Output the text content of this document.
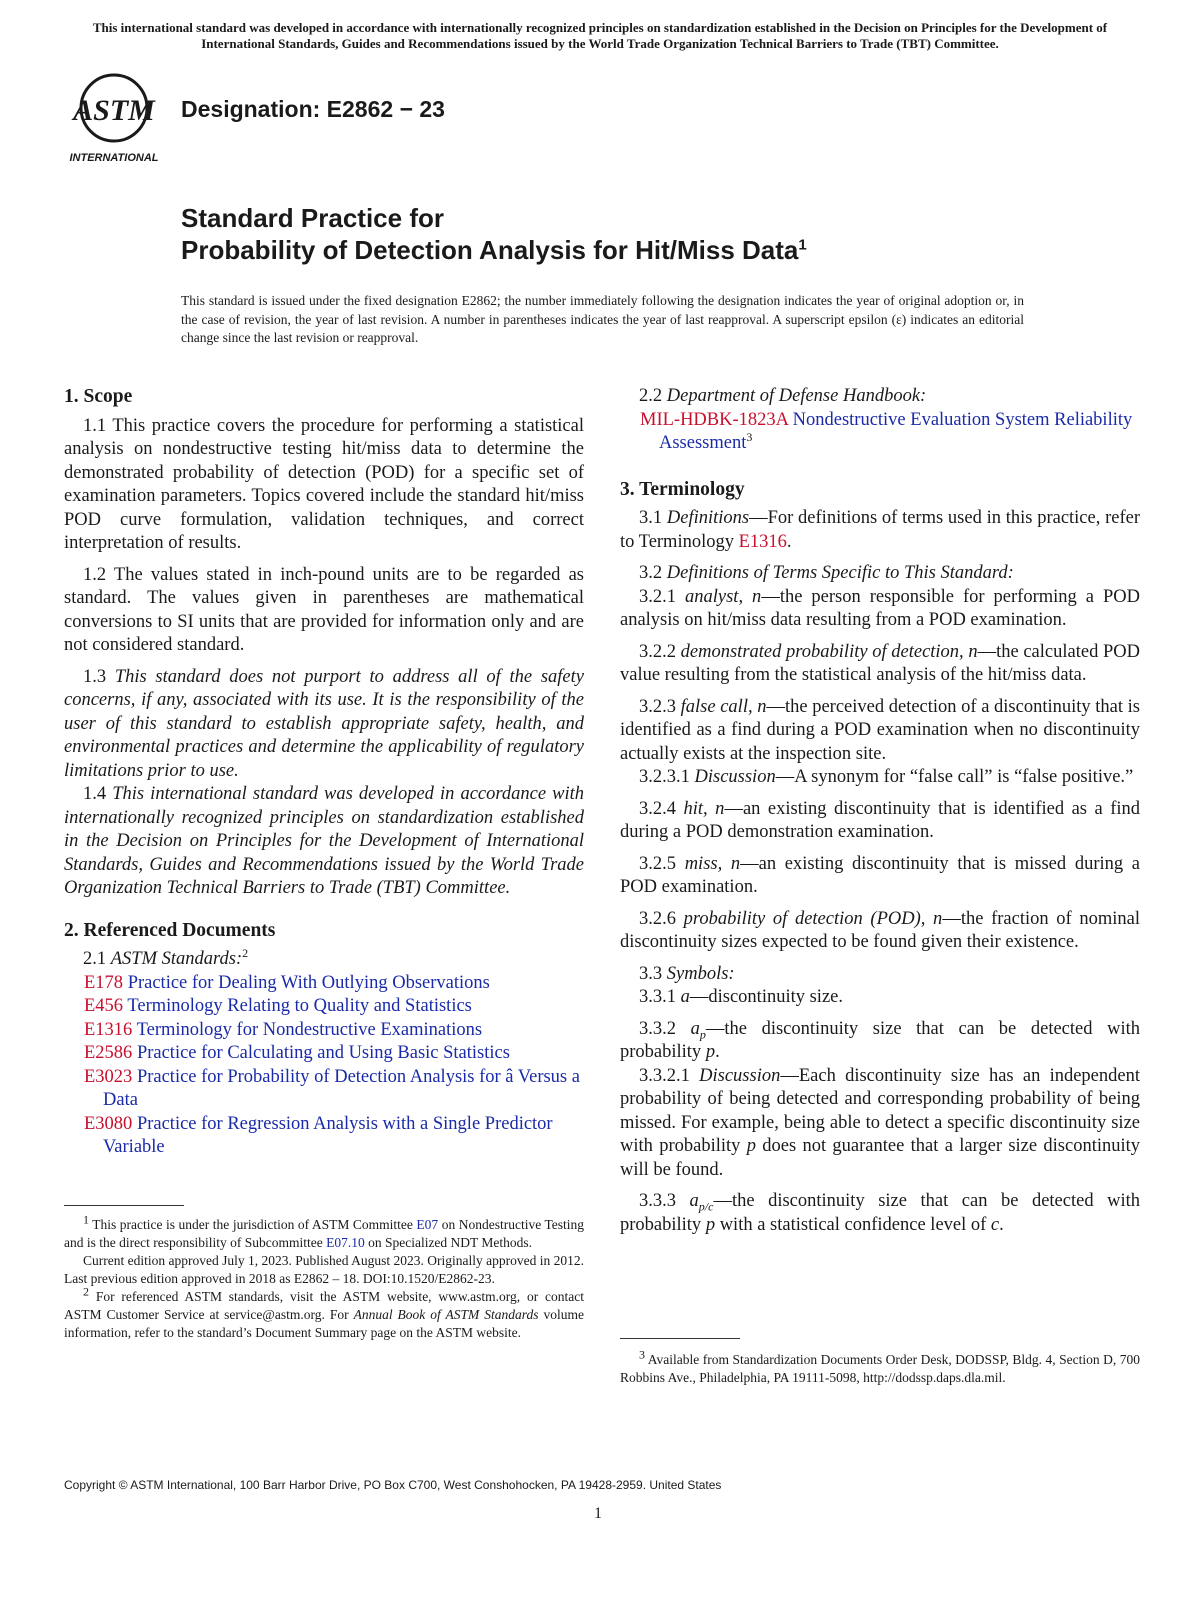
This international standard was developed in accordance with internationally recognized principles on standardization established in the Decision on Principles for the Development of International Standards, Guides and Recommendations issued by the World Trade Organization Technical Barriers to Trade (TBT) Committee.
ASTM
INTERNATIONAL
Designation: E2862 − 23
Standard Practice for
Probability of Detection Analysis for Hit/Miss Data$^1$
This standard is issued under the fixed designation E2862; the number immediately following the designation indicates the year of original adoption or, in the case of revision, the year of last revision. A number in parentheses indicates the year of last reapproval. A superscript epsilon (ε) indicates an editorial change since the last revision or reapproval.
1. Scope

1.1 This practice covers the procedure for performing a statistical analysis on nondestructive testing hit/miss data to determine the demonstrated probability of detection (POD) for a specific set of examination parameters. Topics covered include the standard hit/miss POD curve formulation, validation techniques, and correct interpretation of results.

1.2 The values stated in inch-pound units are to be regarded as standard. The values given in parentheses are mathematical conversions to SI units that are provided for information only and are not considered standard.

1.3 This standard does not purport to address all of the safety concerns, if any, associated with its use. It is the responsibility of the user of this standard to establish appropriate safety, health, and environmental practices and determine the applicability of regulatory limitations prior to use.

1.4 This international standard was developed in accordance with internationally recognized principles on standardization established in the Decision on Principles for the Development of International Standards, Guides and Recommendations issued by the World Trade Organization Technical Barriers to Trade (TBT) Committee.

2. Referenced Documents

2.1 ASTM Standards:$^2$

E178 Practice for Dealing With Outlying Observations
E456 Terminology Relating to Quality and Statistics
E1316 Terminology for Nondestructive Examinations
E2586 Practice for Calculating and Using Basic Statistics
E3023 Practice for Probability of Detection Analysis for â Versus a Data
E3080 Practice for Regression Analysis with a Single Predictor Variable

$^1$ This practice is under the jurisdiction of ASTM Committee E07 on Nondestructive Testing and is the direct responsibility of Subcommittee E07.10 on Specialized NDT Methods.

Current edition approved July 1, 2023. Published August 2023. Originally approved in 2012. Last previous edition approved in 2018 as E2862 – 18. DOI:10.1520/E2862-23.

$^2$ For referenced ASTM standards, visit the ASTM website, www.astm.org, or contact ASTM Customer Service at service@astm.org. For Annual Book of ASTM Standards volume information, refer to the standard’s Document Summary page on the ASTM website.

2.2 Department of Defense Handbook:

MIL-HDBK-1823A Nondestructive Evaluation System Reliability Assessment$^3$
3. Terminology

3.1 Definitions—For definitions of terms used in this practice, refer to Terminology E1316.

3.2 Definitions of Terms Specific to This Standard:

3.2.1 analyst, n—the person responsible for performing a POD analysis on hit/miss data resulting from a POD examination.

3.2.2 demonstrated probability of detection, n—the calculated POD value resulting from the statistical analysis of the hit/miss data.

3.2.3 false call, n—the perceived detection of a discontinuity that is identified as a find during a POD examination when no discontinuity actually exists at the inspection site.

3.2.3.1 Discussion—A synonym for “false call” is “false positive.”

3.2.4 hit, n—an existing discontinuity that is identified as a find during a POD demonstration examination.

3.2.5 miss, n—an existing discontinuity that is missed during a POD examination.

3.2.6 probability of detection (POD), n—the fraction of nominal discontinuity sizes expected to be found given their existence.

3.3 Symbols:

3.3.1 a—discontinuity size.

3.3.2 $a_p—the$ discontinuity size that can be detected with probability p.

3.3.2.1 Discussion—Each discontinuity size has an independent probability of being detected and corresponding probability of being missed. For example, being able to detect a specific discontinuity size with probability p does not guarantee that a larger size discontinuity will be found.

3.3.3 $a_{p/c}—the$ discontinuity size that can be detected with probability p with a statistical confidence level of c.

$^3$ Available from Standardization Documents Order Desk, DODSSP, Bldg. 4, Section D, 700 Robbins Ave., Philadelphia, PA 19111-5098, http://dodssp.daps.dla.mil.

Copyright © ASTM International, 100 Barr Harbor Drive, PO Box C700, West Conshohocken, PA 19428-2959. United States
1
